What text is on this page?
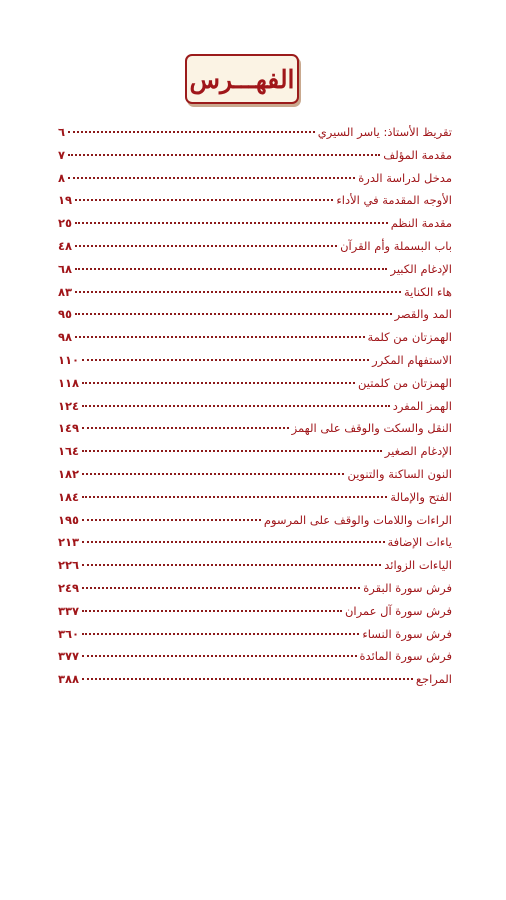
الفهـــرس
تقريظ الأستاذ: ياسر السيري
٦
مقدمة المؤلف
٧
مدخل لدراسة الدرة
٨
الأوجه المقدمة في الأداء
١٩
مقدمة النظم
٢٥
باب البسملة وأم القرآن
٤٨
الإدغام الكبير
٦٨
هاء الكناية
٨٣
المد والقصر
٩٥
الهمزتان من كلمة
٩٨
الاستفهام المكرر
١١٠
الهمزتان من كلمتين
١١٨
الهمز المفرد
١٢٤
النقل والسكت والوقف على الهمز
١٤٩
الإدغام الصغير
١٦٤
النون الساكنة والتنوين
١٨٢
الفتح والإمالة
١٨٤
الراءات واللامات والوقف على المرسوم
١٩٥
ياءات الإضافة
٢١٣
الياءات الزوائد
٢٢٦
فرش سورة البقرة
٢٤٩
فرش سورة آل عمران
٣٣٧
فرش سورة النساء
٣٦٠
فرش سورة المائدة
٣٧٧
المراجع
٣٨٨
